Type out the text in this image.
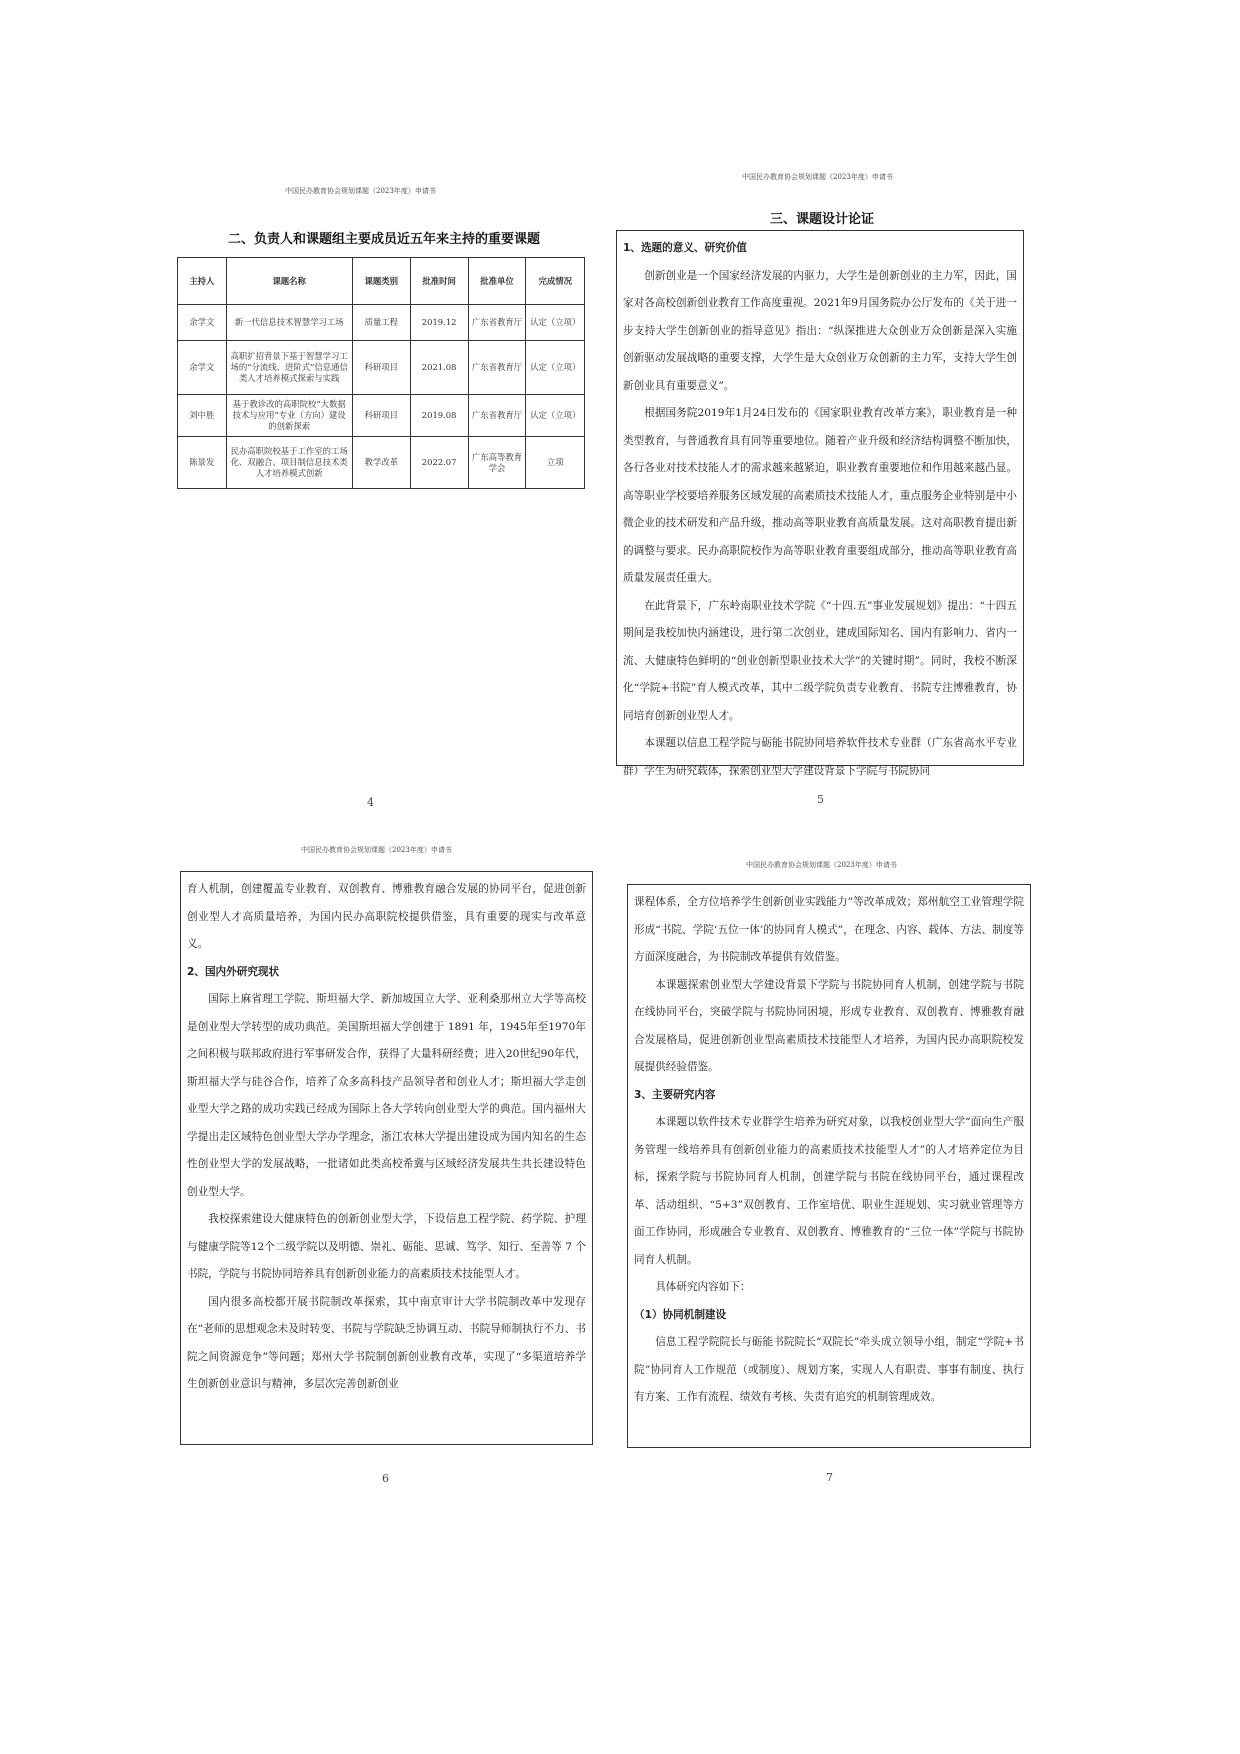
中国民办教育协会规划课题（2023年度）申请书
二、负责人和课题组主要成员近五年来主持的重要课题
主持人	课题名称	课题类别	批准时间	批准单位	完成情况
余学文	新一代信息技术智慧学习工场	质量工程	2019.12	广东省教育厅	认定（立项）
余学文	高职扩招背景下基于智慧学习工场的“分流线、进阶式”信息通信类人才培养模式探索与实践	科研项目	2021.08	广东省教育厅	认定（立项）
刘中胜	基于教诊改的高职院校“大数据技术与应用”专业（方向）建设的创新探索	科研项目	2019.08	广东省教育厅	认定（立项）
陈景发	民办高职院校基于工作室的工场化、双融合、项目制信息技术类人才培养模式创新	教学改革	2022.07	广东高等教育学会	立项
4
中国民办教育协会规划课题（2023年度）申请书
三、课题设计论证
1、选题的意义、研究价值

创新创业是一个国家经济发展的内驱力，大学生是创新创业的主力军，因此，国家对各高校创新创业教育工作高度重视。2021年9月国务院办公厅发布的《关于进一步支持大学生创新创业的指导意见》指出：“纵深推进大众创业万众创新是深入实施创新驱动发展战略的重要支撑，大学生是大众创业万众创新的主力军，支持大学生创新创业具有重要意义”。

根据国务院2019年1月24日发布的《国家职业教育改革方案》，职业教育是一种类型教育，与普通教育具有同等重要地位。随着产业升级和经济结构调整不断加快，各行各业对技术技能人才的需求越来越紧迫，职业教育重要地位和作用越来越凸显。高等职业学校要培养服务区域发展的高素质技术技能人才，重点服务企业特别是中小微企业的技术研发和产品升级，推动高等职业教育高质量发展。这对高职教育提出新的调整与要求。民办高职院校作为高等职业教育重要组成部分，推动高等职业教育高质量发展责任重大。

在此背景下，广东岭南职业技术学院《“十四.五”事业发展规划》提出：“十四五期间是我校加快内涵建设，进行第二次创业，建成国际知名、国内有影响力、省内一流、大健康特色鲜明的“创业创新型职业技术大学”的关键时期”。同时，我校不断深化“学院+书院”育人模式改革，其中二级学院负责专业教育、书院专注博雅教育，协同培育创新创业型人才。

本课题以信息工程学院与砺能书院协同培养软件技术专业群（广东省高水平专业群）学生为研究载体，探索创业型大学建设背景下学院与书院协同

5
中国民办教育协会规划课题（2023年度）申请书

育人机制，创建覆盖专业教育、双创教育、博雅教育融合发展的协同平台，促进创新创业型人才高质量培养，为国内民办高职院校提供借鉴，具有重要的现实与改革意义。

2、国内外研究现状

国际上麻省理工学院、斯坦福大学、新加坡国立大学、亚利桑那州立大学等高校是创业型大学转型的成功典范。美国斯坦福大学创建于 1891 年，1945年至1970年之间积极与联邦政府进行军事研发合作，获得了大量科研经费；进入20世纪90年代，斯坦福大学与硅谷合作，培养了众多高科技产品领导者和创业人才；斯坦福大学走创业型大学之路的成功实践已经成为国际上各大学转向创业型大学的典范。国内福州大学提出走区域特色创业型大学办学理念，浙江农林大学提出建设成为国内知名的生态性创业型大学的发展战略，一批诸如此类高校希冀与区域经济发展共生共长建设特色创业型大学。

我校探索建设大健康特色的创新创业型大学，下设信息工程学院、药学院、护理与健康学院等12个二级学院以及明德、崇礼、砺能、思诚、笃学、知行、至善等 7 个书院，学院与书院协同培养具有创新创业能力的高素质技术技能型人才。

国内很多高校都开展书院制改革探索，其中南京审计大学书院制改革中发现存在“老师的思想观念未及时转变、书院与学院缺乏协调互动、书院导师制执行不力、书院之间资源竞争”等问题；郑州大学书院制创新创业教育改革，实现了“多渠道培养学生创新创业意识与精神，多层次完善创新创业

6
中国民办教育协会规划课题（2023年度）申请书

课程体系，全方位培养学生创新创业实践能力”等改革成效；郑州航空工业管理学院形成“书院、学院‘五位一体’的协同育人模式”，在理念、内容、载体、方法、制度等方面深度融合，为书院制改革提供有效借鉴。

本课题探索创业型大学建设背景下学院与书院协同育人机制，创建学院与书院在线协同平台，突破学院与书院协同困境，形成专业教育、双创教育、博雅教育融合发展格局，促进创新创业型高素质技术技能型人才培养，为国内民办高职院校发展提供经验借鉴。

3、主要研究内容

本课题以软件技术专业群学生培养为研究对象，以我校创业型大学“面向生产服务管理一线培养具有创新创业能力的高素质技术技能型人才”的人才培养定位为目标，探索学院与书院协同育人机制，创建学院与书院在线协同平台，通过课程改革、活动组织、“5+3”双创教育、工作室培优、职业生涯规划、实习就业管理等方面工作协同，形成融合专业教育、双创教育、博雅教育的“三位一体”学院与书院协同育人机制。

具体研究内容如下：

（1）协同机制建设

信息工程学院院长与砺能书院院长“双院长”牵头成立领导小组，制定“学院+书院”协同育人工作规范（或制度）、规划方案，实现人人有职责、事事有制度、执行有方案、工作有流程、绩效有考核、失责有追究的机制管理成效。

7
